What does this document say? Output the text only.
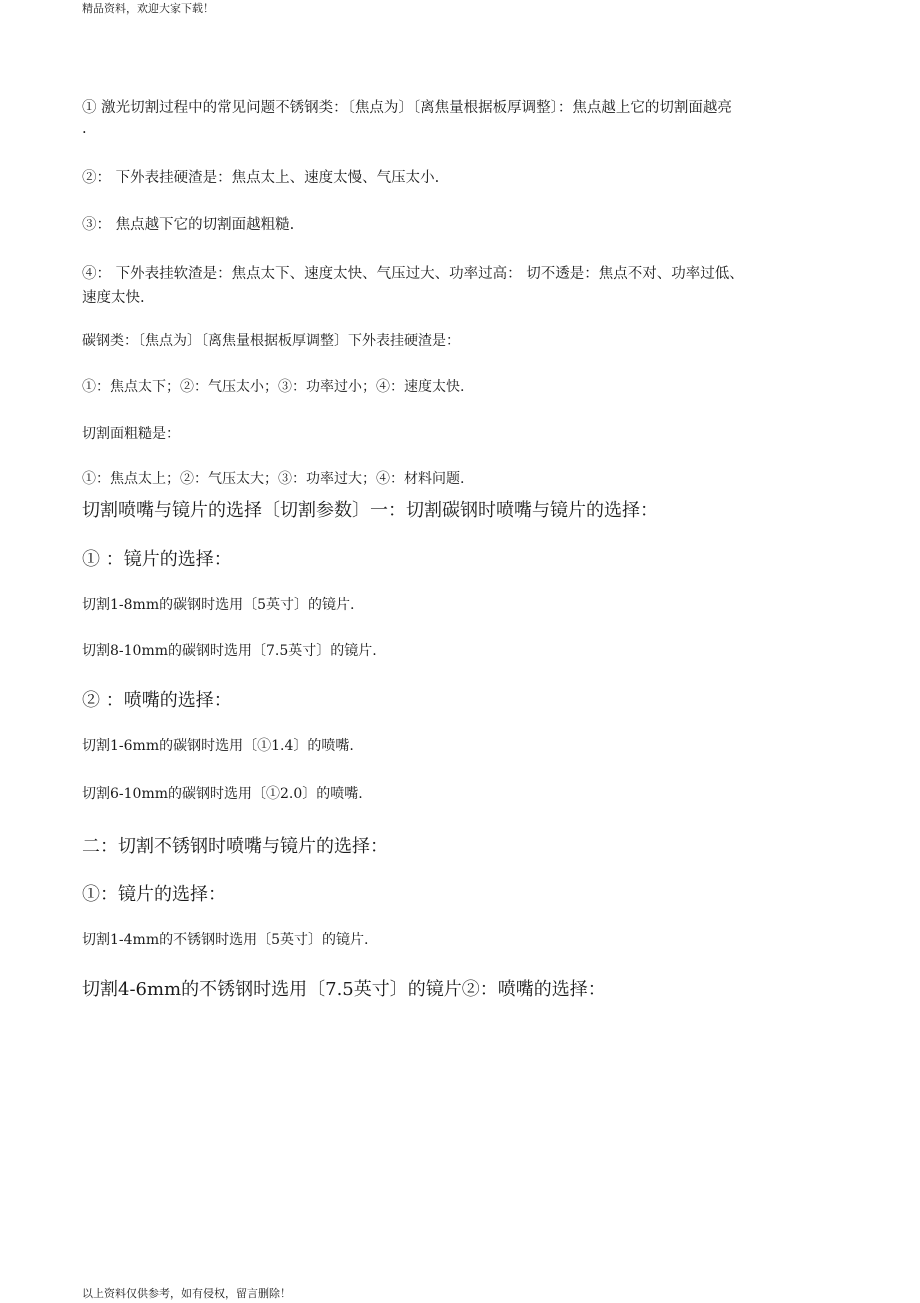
精品资料，欢迎大家下载！
① 激光切割过程中的常见问题不锈钢类：〔焦点为〕〔离焦量根据板厚调整〕：焦点越上它的切割面越亮
.
②： 下外表挂硬渣是：焦点太上、速度太慢、气压太小.
③： 焦点越下它的切割面越粗糙.
④： 下外表挂软渣是：焦点太下、速度太快、气压过大、功率过高： 切不透是：焦点不对、功率过低、
速度太快.
碳钢类：〔焦点为〕〔离焦量根据板厚调整〕下外表挂硬渣是：
①：焦点太下；②：气压太小；③：功率过小；④：速度太快.
切割面粗糙是：
①：焦点太上；②：气压太大；③：功率过大；④：材料问题.
切割喷嘴与镜片的选择〔切割参数〕一：切割碳钢时喷嘴与镜片的选择：
① ：镜片的选择：
切割1-8mm的碳钢时选用〔5英寸〕的镜片.
切割8-10mm的碳钢时选用〔7.5英寸〕的镜片.
② ：喷嘴的选择：
切割1-6mm的碳钢时选用〔①1.4〕的喷嘴.
切割6-10mm的碳钢时选用〔①2.0〕的喷嘴.
二：切割不锈钢时喷嘴与镜片的选择：
①：镜片的选择：
切割1-4mm的不锈钢时选用〔5英寸〕的镜片.
切割4-6mm的不锈钢时选用〔7.5英寸〕的镜片②：喷嘴的选择：
以上资料仅供参考，如有侵权，留言删除！
